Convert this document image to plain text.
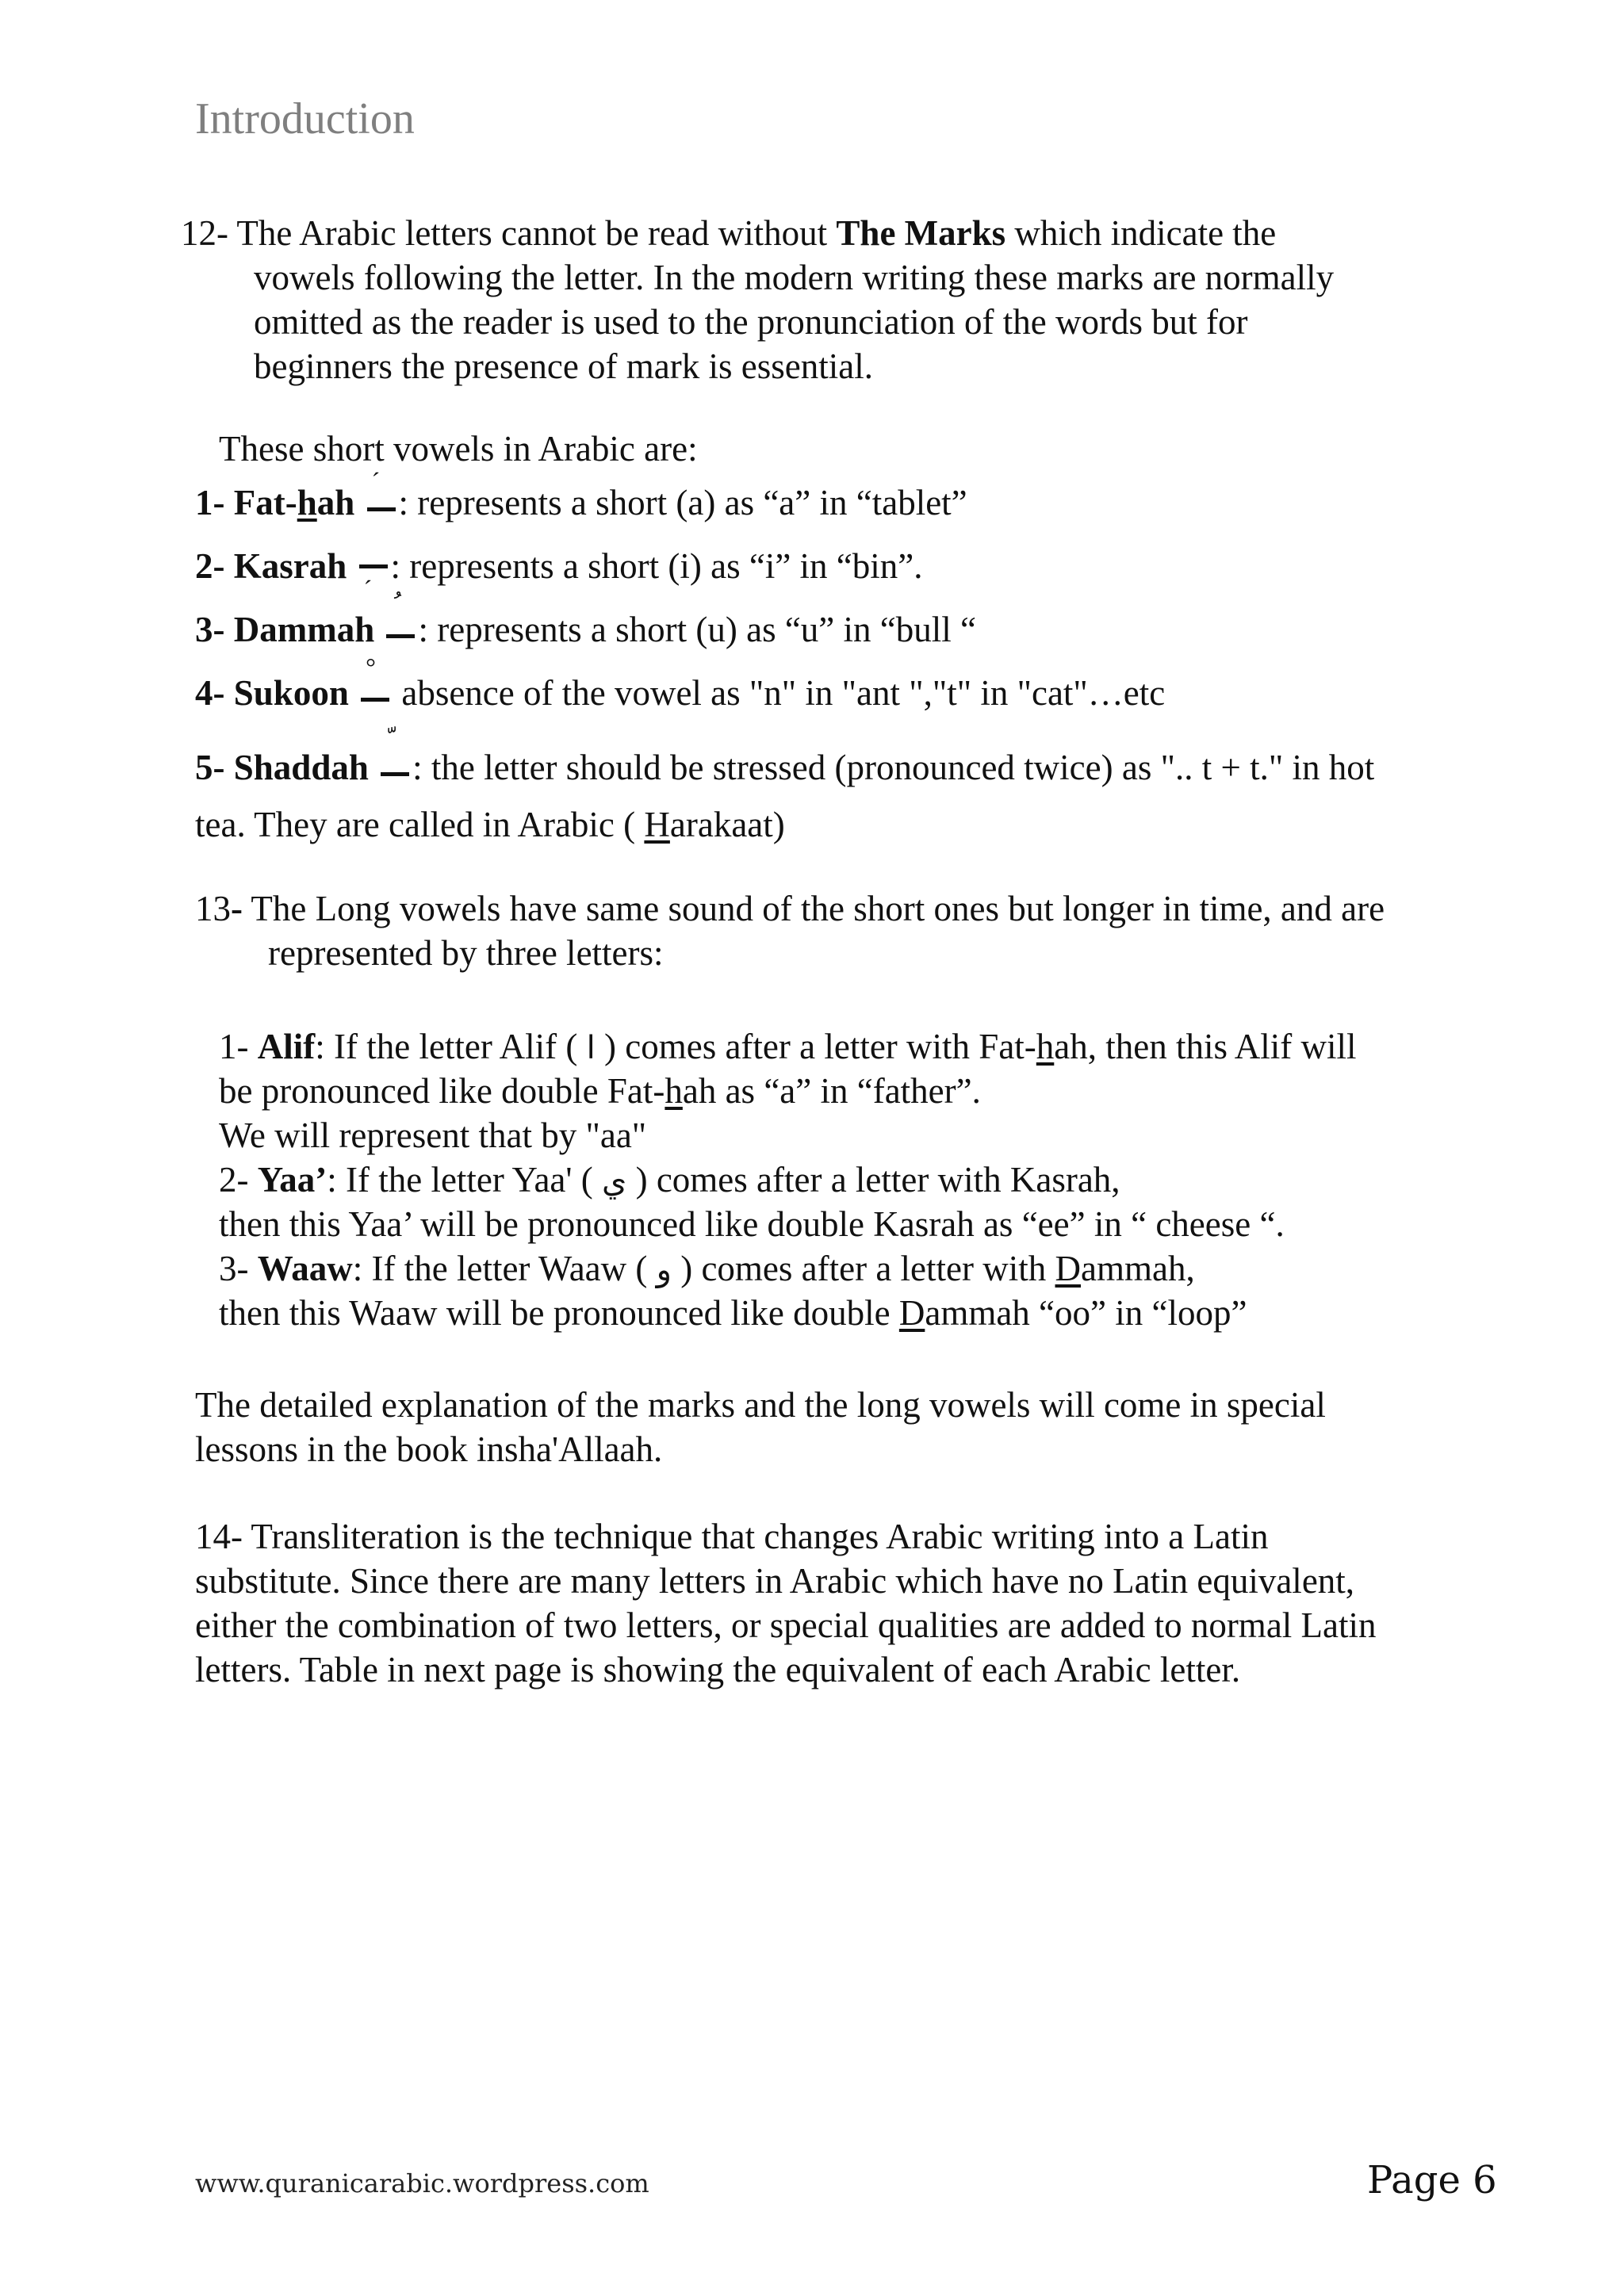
Introduction
12- The Arabic letters cannot be read without The Marks which indicate the
vowels following the letter. In the modern writing these marks are normally
omitted as the reader is used to the pronunciation of the words but for
beginners the presence of mark is essential.
These short vowels in Arabic are:
1- Fat-hah
´
: represents a short (a) as “a” in “tablet”
2- Kasrah
´
: represents a short (i) as “i” in “bin”.
3- Dammah : represents a short (u) as “u” in “bull “
4- Sukoon
°
absence of the vowel as "n" in "ant ","t" in "cat"…etc
5- Shaddah : the letter should be stressed (pronounced twice) as ".. t + t." in hot
tea. They are called in Arabic ( Harakaat)
13- The Long vowels have same sound of the short ones but longer in time, and are
represented by three letters:
1- Alif: If the letter Alif ( ا ) comes after a letter with Fat-hah, then this Alif will
be pronounced like double Fat-hah as “a” in “father”.
We will represent that by "aa"
2- Yaa’: If the letter Yaa' ( ي ) comes after a letter with Kasrah,
then this Yaa’ will be pronounced like double Kasrah as “ee” in “ cheese “.
3- Waaw: If the letter Waaw ( و ) comes after a letter with Dammah,
then this Waaw will be pronounced like double Dammah “oo” in “loop”
The detailed explanation of the marks and the long vowels will come in special
lessons in the book insha'Allaah.
14- Transliteration is the technique that changes Arabic writing into a Latin
substitute. Since there are many letters in Arabic which have no Latin equivalent,
either the combination of two letters, or special qualities are added to normal Latin
letters. Table in next page is showing the equivalent of each Arabic letter.
www.quranicarabic.wordpress.com	Page 6
